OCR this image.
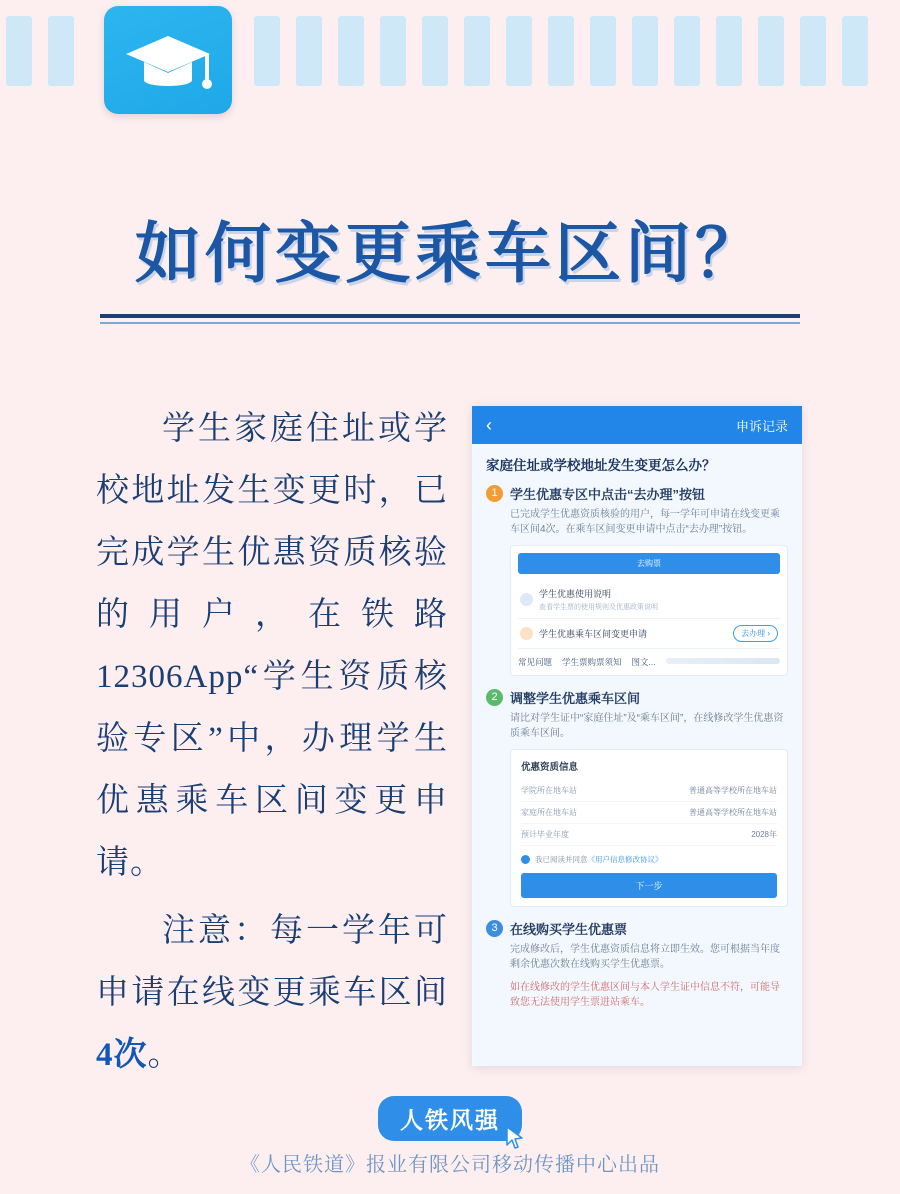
如何变更乘车区间？

学生家庭住址或学校地址发生变更时，已完成学生优惠资质核验的用户，在铁路12306App“学生资质核验专区”中，办理学生优惠乘车区间变更申请。

注意：每一学年可申请在线变更乘车区间4次。

‹	申诉记录
家庭住址或学校地址发生变更怎么办？
1 学生优惠专区中点击“去办理”按钮
已完成学生优惠资质核验的用户，每一学年可申请在线变更乘车区间4次。在乘车区间变更申请中点击“去办理”按钮。
去购票
学生优惠使用说明
查看学生票的使用规则及优惠政策说明
学生优惠乘车区间变更申请	去办理 ›
常见问题 学生票购票须知 图文...
2 调整学生优惠乘车区间
请比对学生证中“家庭住址”及“乘车区间”，在线修改学生优惠资质乘车区间。
优惠资质信息
学院所在地车站	普通高等学校所在地车站
家庭所在地车站	普通高等学校所在地车站
预计毕业年度	2028年
我已阅读并同意 《用户信息修改协议》
下一步
3 在线购买学生优惠票
完成修改后，学生优惠资质信息将立即生效。您可根据当年度剩余优惠次数在线购买学生优惠票。
如在线修改的学生优惠区间与本人学生证中信息不符，可能导致您无法使用学生票进站乘车。
人铁风强
《人民铁道》报业有限公司移动传播中心出品
